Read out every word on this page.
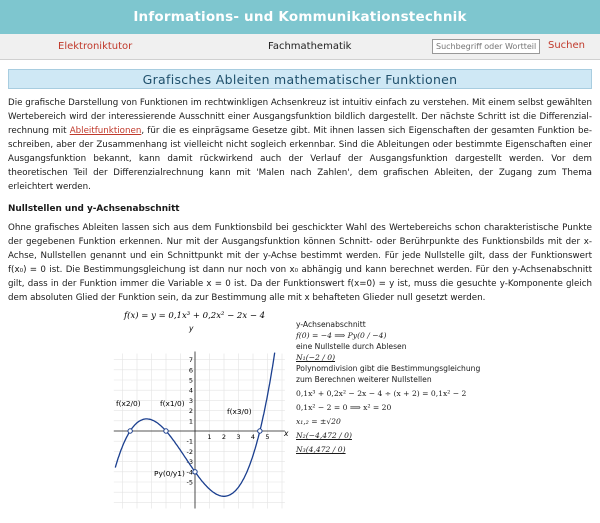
Informations- und Kommunikationstechnik
Elektroniktutor	Fachmathematik
Suchbegriff oder Wortteil	Suchen
Grafisches Ableiten mathematischer Funktionen

Die grafische Darstellung von Funktionen im rechtwinkligen Achsenkreuz ist intuitiv einfach zu verstehen. Mit einem selbst gewählten Wertebereich wird der interessierende Ausschnitt einer Ausgangsfunktion bildlich dargestellt. Der nächste Schritt ist die Differenzialrechnung mit Ableitfunktionen, für die es einprägsame Gesetze gibt. Mit ihnen lassen sich Eigenschaften der gesamten Funktion beschreiben, aber der Zusammenhang ist vielleicht nicht sogleich erkennbar. Sind die Ableitungen oder bestimmte Eigenschaften einer Ausgangsfunktion bekannt, kann damit rückwirkend auch der Verlauf der Ausgangsfunktion dargestellt werden. Vor dem theoretischen Teil der Differenzialrechnung kann mit 'Malen nach Zahlen', dem grafischen Ableiten, der Zugang zum Thema erleichtert werden.

Nullstellen und y-Achsenabschnitt

Ohne grafisches Ableiten lassen sich aus dem Funktionsbild bei geschickter Wahl des Wertebereichs schon charakteristische Punkte der gegebenen Funktion erkennen. Nur mit der Ausgangsfunktion können Schnitt- oder Berührpunkte des Funktionsbilds mit der x-Achse, Nullstellen genannt und ein Schnittpunkt mit der y-Achse bestimmt werden. Für jede Nullstelle gilt, dass der Funktionswert f(x₀) = 0 ist. Die Bestimmungsgleichung ist dann nur noch von x₀ abhängig und kann berechnet werden. Für den y-Achsenabschnitt gilt, dass in der Funktion immer die Variable x = 0 ist. Da der Funktionswert f(x=0) = y ist, muss die gesuchte y-Komponente gleich dem absoluten Glied der Funktion sein, da zur Bestimmung alle mit x behafteten Glieder null gesetzt werden.

f(x) = y = 0,1x³ + 0,2x² − 2x − 4
7
6
5
4
3
2
1
-1
-2
-3
-4
-5
1 2 3 4 5
f(x2/0)	f(x1/0)
f(x3/0)
Py(0/y1)
y
x
y-Achsenabschnitt
f(0) = −4 ⟹ Py(0 / −4)
eine Nullstelle durch Ablesen
N₁(−2 / 0)
Polynomdivision gibt die Bestimmungsgleichung
zum Berechnen weiterer Nullstellen
0,1x³ + 0,2x² − 2x − 4 ÷ (x + 2) = 0,1x² − 2
0,1x² − 2 = 0 ⟹ x² = 20
x₁,₂ = ±√20
N₂(−4,472 / 0)
N₃(4,472 / 0)
